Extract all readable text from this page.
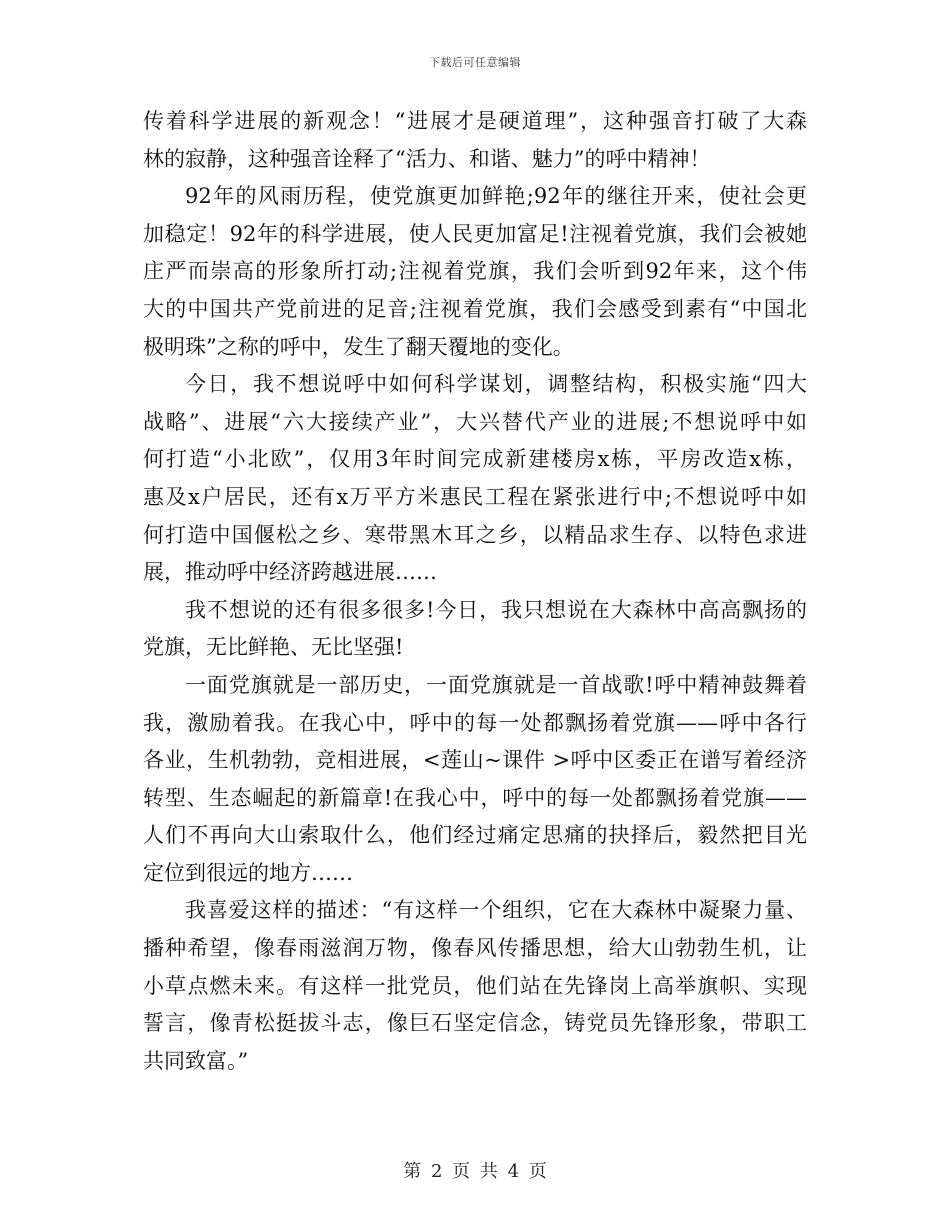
下载后可任意编辑
传着科学进展的新观念！“进展才是硬道理”，这种强音打破了大森
林的寂静，这种强音诠释了“活力、和谐、魅力”的呼中精神！
92年的风雨历程，使党旗更加鲜艳;92年的继往开来，使社会更
加稳定！92年的科学进展，使人民更加富足!注视着党旗，我们会被她
庄严而崇高的形象所打动;注视着党旗，我们会听到92年来，这个伟
大的中国共产党前进的足音;注视着党旗，我们会感受到素有“中国北
极明珠”之称的呼中，发生了翻天覆地的变化。
今日，我不想说呼中如何科学谋划，调整结构，积极实施“四大
战略”、进展“六大接续产业”，大兴替代产业的进展;不想说呼中如
何打造“小北欧”，仅用3年时间完成新建楼房x栋，平房改造x栋，
惠及x户居民，还有x万平方米惠民工程在紧张进行中;不想说呼中如
何打造中国偃松之乡、寒带黑木耳之乡，以精品求生存、以特色求进
展，推动呼中经济跨越进展……
我不想说的还有很多很多!今日，我只想说在大森林中高高飘扬的
党旗，无比鲜艳、无比坚强!
一面党旗就是一部历史，一面党旗就是一首战歌!呼中精神鼓舞着
我，激励着我。在我心中，呼中的每一处都飘扬着党旗——呼中各行
各业，生机勃勃，竞相进展，<莲山~课件 >呼中区委正在谱写着经济
转型、生态崛起的新篇章!在我心中，呼中的每一处都飘扬着党旗——
人们不再向大山索取什么，他们经过痛定思痛的抉择后，毅然把目光
定位到很远的地方……
我喜爱这样的描述：“有这样一个组织，它在大森林中凝聚力量、
播种希望，像春雨滋润万物，像春风传播思想，给大山勃勃生机，让
小草点燃未来。有这样一批党员，他们站在先锋岗上高举旗帜、实现
誓言，像青松挺拔斗志，像巨石坚定信念，铸党员先锋形象，带职工
共同致富。”
第 2 页 共 4 页
